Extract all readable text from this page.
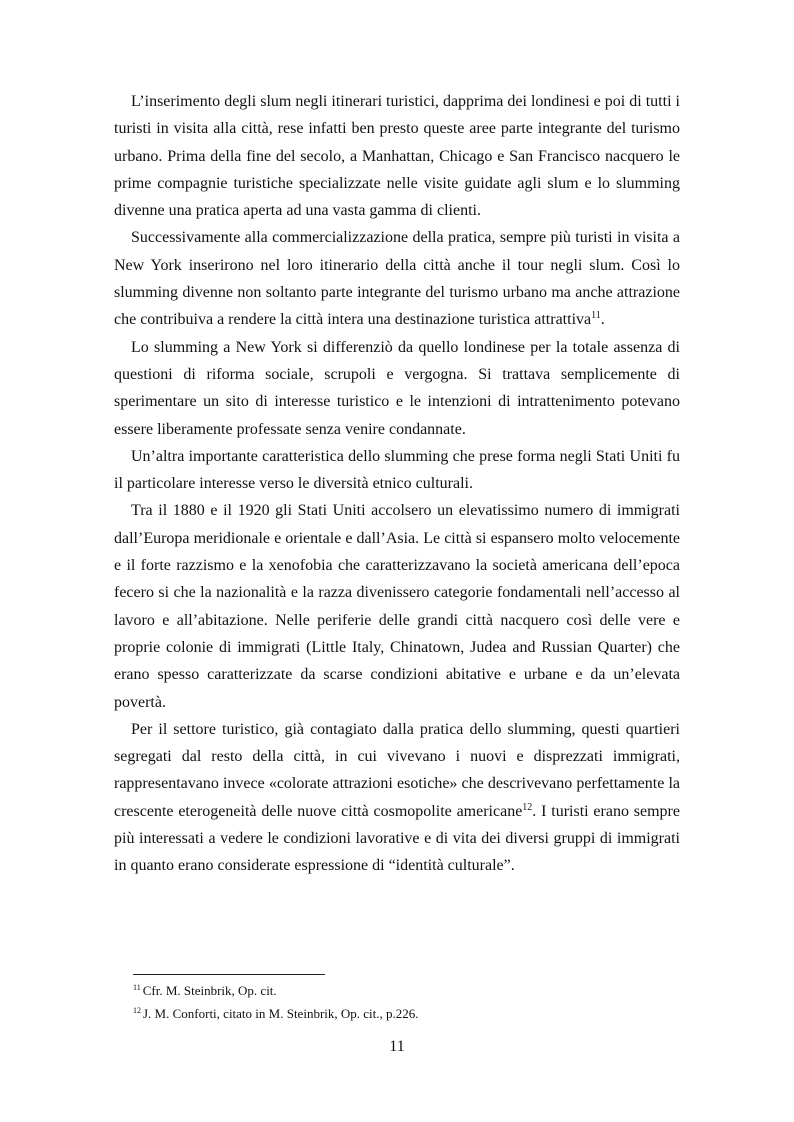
L’inserimento degli slum negli itinerari turistici, dapprima dei londinesi e poi di tutti i turisti in visita alla città, rese infatti ben presto queste aree parte integrante del turismo urbano. Prima della fine del secolo, a Manhattan, Chicago e San Francisco nacquero le prime compagnie turistiche specializzate nelle visite guidate agli slum e lo slumming divenne una pratica aperta ad una vasta gamma di clienti.

Successivamente alla commercializzazione della pratica, sempre più turisti in visita a New York inserirono nel loro itinerario della città anche il tour negli slum. Così lo slumming divenne non soltanto parte integrante del turismo urbano ma anche attrazione che contribuiva a rendere la città intera una destinazione turistica attrattiva$^{11}$.

Lo slumming a New York si differenziò da quello londinese per la totale assenza di questioni di riforma sociale, scrupoli e vergogna. Si trattava semplicemente di sperimentare un sito di interesse turistico e le intenzioni di intrattenimento potevano essere liberamente professate senza venire condannate.

Un’altra importante caratteristica dello slumming che prese forma negli Stati Uniti fu il particolare interesse verso le diversità etnico culturali.

Tra il 1880 e il 1920 gli Stati Uniti accolsero un elevatissimo numero di immigrati dall’Europa meridionale e orientale e dall’Asia. Le città si espansero molto velocemente e il forte razzismo e la xenofobia che caratterizzavano la società americana dell’epoca fecero si che la nazionalità e la razza divenissero categorie fondamentali nell’accesso al lavoro e all’abitazione. Nelle periferie delle grandi città nacquero così delle vere e proprie colonie di immigrati (Little Italy, Chinatown, Judea and Russian Quarter) che erano spesso caratterizzate da scarse condizioni abitative e urbane e da un’elevata povertà.

Per il settore turistico, già contagiato dalla pratica dello slumming, questi quartieri segregati dal resto della città, in cui vivevano i nuovi e disprezzati immigrati, rappresentavano invece «colorate attrazioni esotiche» che descrivevano perfettamente la crescente eterogeneità delle nuove città cosmopolite americane$^{12}$. I turisti erano sempre più interessati a vedere le condizioni lavorative e di vita dei diversi gruppi di immigrati in quanto erano considerate espressione di “identità culturale”.

$^{11}$ Cfr. M. Steinbrik, Op. cit.

$^{12}$ J. M. Conforti, citato in M. Steinbrik, Op. cit., p.226.

11
